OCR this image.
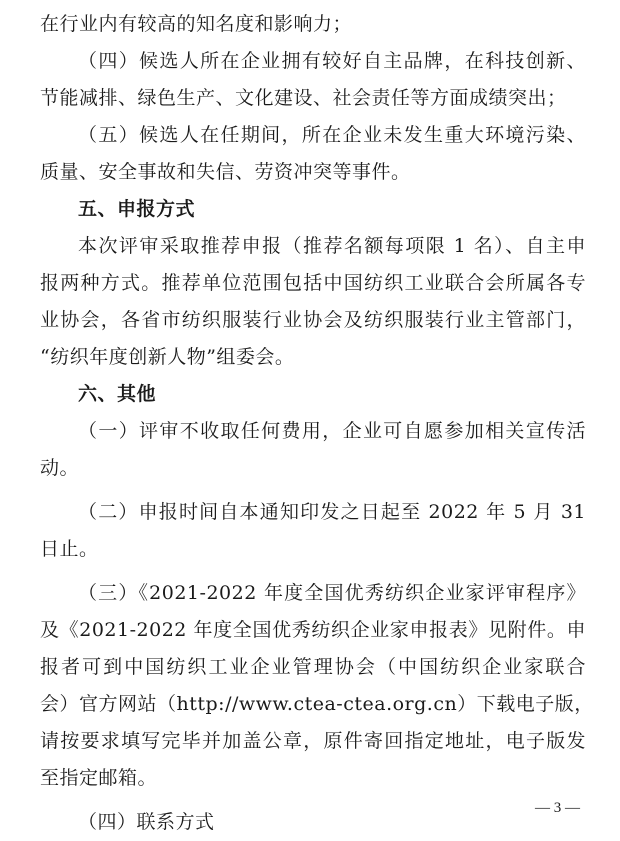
在行业内有较高的知名度和影响力；
（四）候选人所在企业拥有较好自主品牌，在科技创新、
节能减排、绿色生产、文化建设、社会责任等方面成绩突出；
（五）候选人在任期间，所在企业未发生重大环境污染、
质量、安全事故和失信、劳资冲突等事件。
五、申报方式
本次评审采取推荐申报（推荐名额每项限 1 名）、自主申
报两种方式。推荐单位范围包括中国纺织工业联合会所属各专
业协会，各省市纺织服装行业协会及纺织服装行业主管部门，
“纺织年度创新人物”组委会。
六、其他
（一）评审不收取任何费用，企业可自愿参加相关宣传活
动。
（二）申报时间自本通知印发之日起至 2022 年 5 月 31
日止。
（三）《2021-2022 年度全国优秀纺织企业家评审程序》
及《2021-2022 年度全国优秀纺织企业家申报表》见附件。申
报者可到中国纺织工业企业管理协会（中国纺织企业家联合
会）官方网站（http://www.ctea-ctea.org.cn）下载电子版，
请按要求填写完毕并加盖公章，原件寄回指定地址，电子版发
至指定邮箱。
（四）联系方式
— 3 —
